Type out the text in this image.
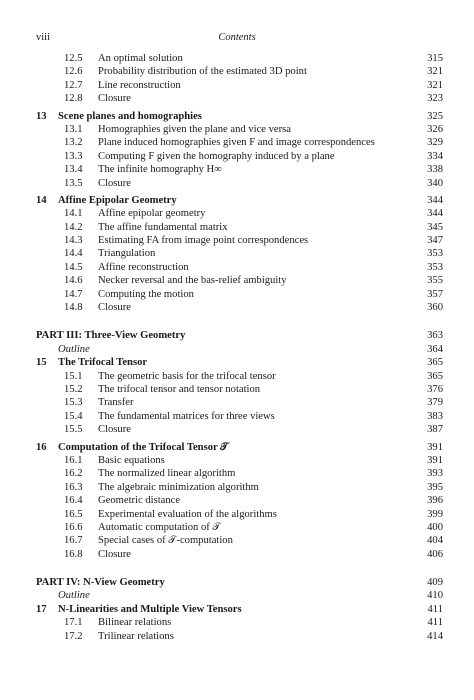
viii	Contents
12.5 An optimal solution	315
12.6 Probability distribution of the estimated 3D point	321
12.7 Line reconstruction	321
12.8 Closure	323
13 Scene planes and homographies	325
13.1 Homographies given the plane and vice versa	326
13.2 Plane induced homographies given F and image correspondences	329
13.3 Computing F given the homography induced by a plane	334
13.4 The infinite homography H∞	338
13.5 Closure	340
14 Affine Epipolar Geometry	344
14.1 Affine epipolar geometry	344
14.2 The affine fundamental matrix	345
14.3 Estimating FA from image point correspondences	347
14.4 Triangulation	353
14.5 Affine reconstruction	353
14.6 Necker reversal and the bas-relief ambiguity	355
14.7 Computing the motion	357
14.8 Closure	360
PART III: Three-View Geometry	363
Outline	364
15 The Trifocal Tensor	365
15.1 The geometric basis for the trifocal tensor	365
15.2 The trifocal tensor and tensor notation	376
15.3 Transfer	379
15.4 The fundamental matrices for three views	383
15.5 Closure	387
16 Computation of the Trifocal Tensor 𝒯	391
16.1 Basic equations	391
16.2 The normalized linear algorithm	393
16.3 The algebraic minimization algorithm	395
16.4 Geometric distance	396
16.5 Experimental evaluation of the algorithms	399
16.6 Automatic computation of 𝒯	400
16.7 Special cases of 𝒯-computation	404
16.8 Closure	406
PART IV: N-View Geometry	409
Outline	410
17 N-Linearities and Multiple View Tensors	411
17.1 Bilinear relations	411
17.2 Trilinear relations	414
